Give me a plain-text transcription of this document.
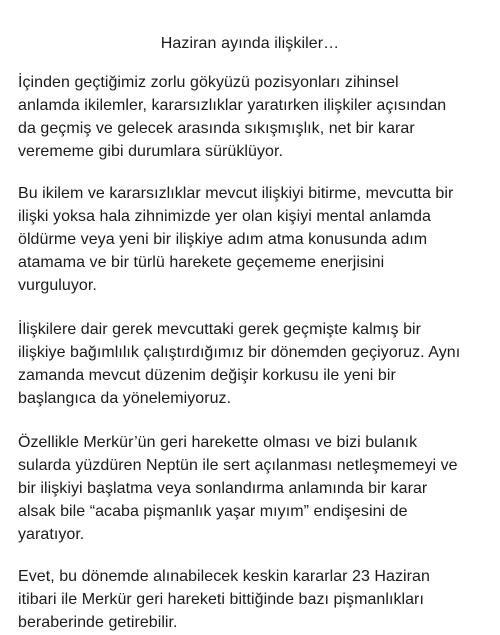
Haziran ayında ilişkiler…
İçinden geçtiğimiz zorlu gökyüzü pozisyonları zihinsel
anlamda ikilemler, kararsızlıklar yaratırken ilişkiler açısından
da geçmiş ve gelecek arasında sıkışmışlık, net bir karar
verememe gibi durumlara sürüklüyor.
Bu ikilem ve kararsızlıklar mevcut ilişkiyi bitirme, mevcutta bir
ilişki yoksa hala zihnimizde yer olan kişiyi mental anlamda
öldürme veya yeni bir ilişkiye adım atma konusunda adım
atamama ve bir türlü harekete geçememe enerjisini
vurguluyor.
İlişkilere dair gerek mevcuttaki gerek geçmişte kalmış bir
ilişkiye bağımlılık çalıştırdığımız bir dönemden geçiyoruz. Aynı
zamanda mevcut düzenim değişir korkusu ile yeni bir
başlangıca da yönelemiyoruz.
Özellikle Merkür’ün geri harekette olması ve bizi bulanık
sularda yüzdüren Neptün ile sert açılanması netleşmemeyi ve
bir ilişkiyi başlatma veya sonlandırma anlamında bir karar
alsak bile “acaba pişmanlık yaşar mıyım” endişesini de
yaratıyor.
Evet, bu dönemde alınabilecek keskin kararlar 23 Haziran
itibari ile Merkür geri hareketi bittiğinde bazı pişmanlıkları
beraberinde getirebilir.
